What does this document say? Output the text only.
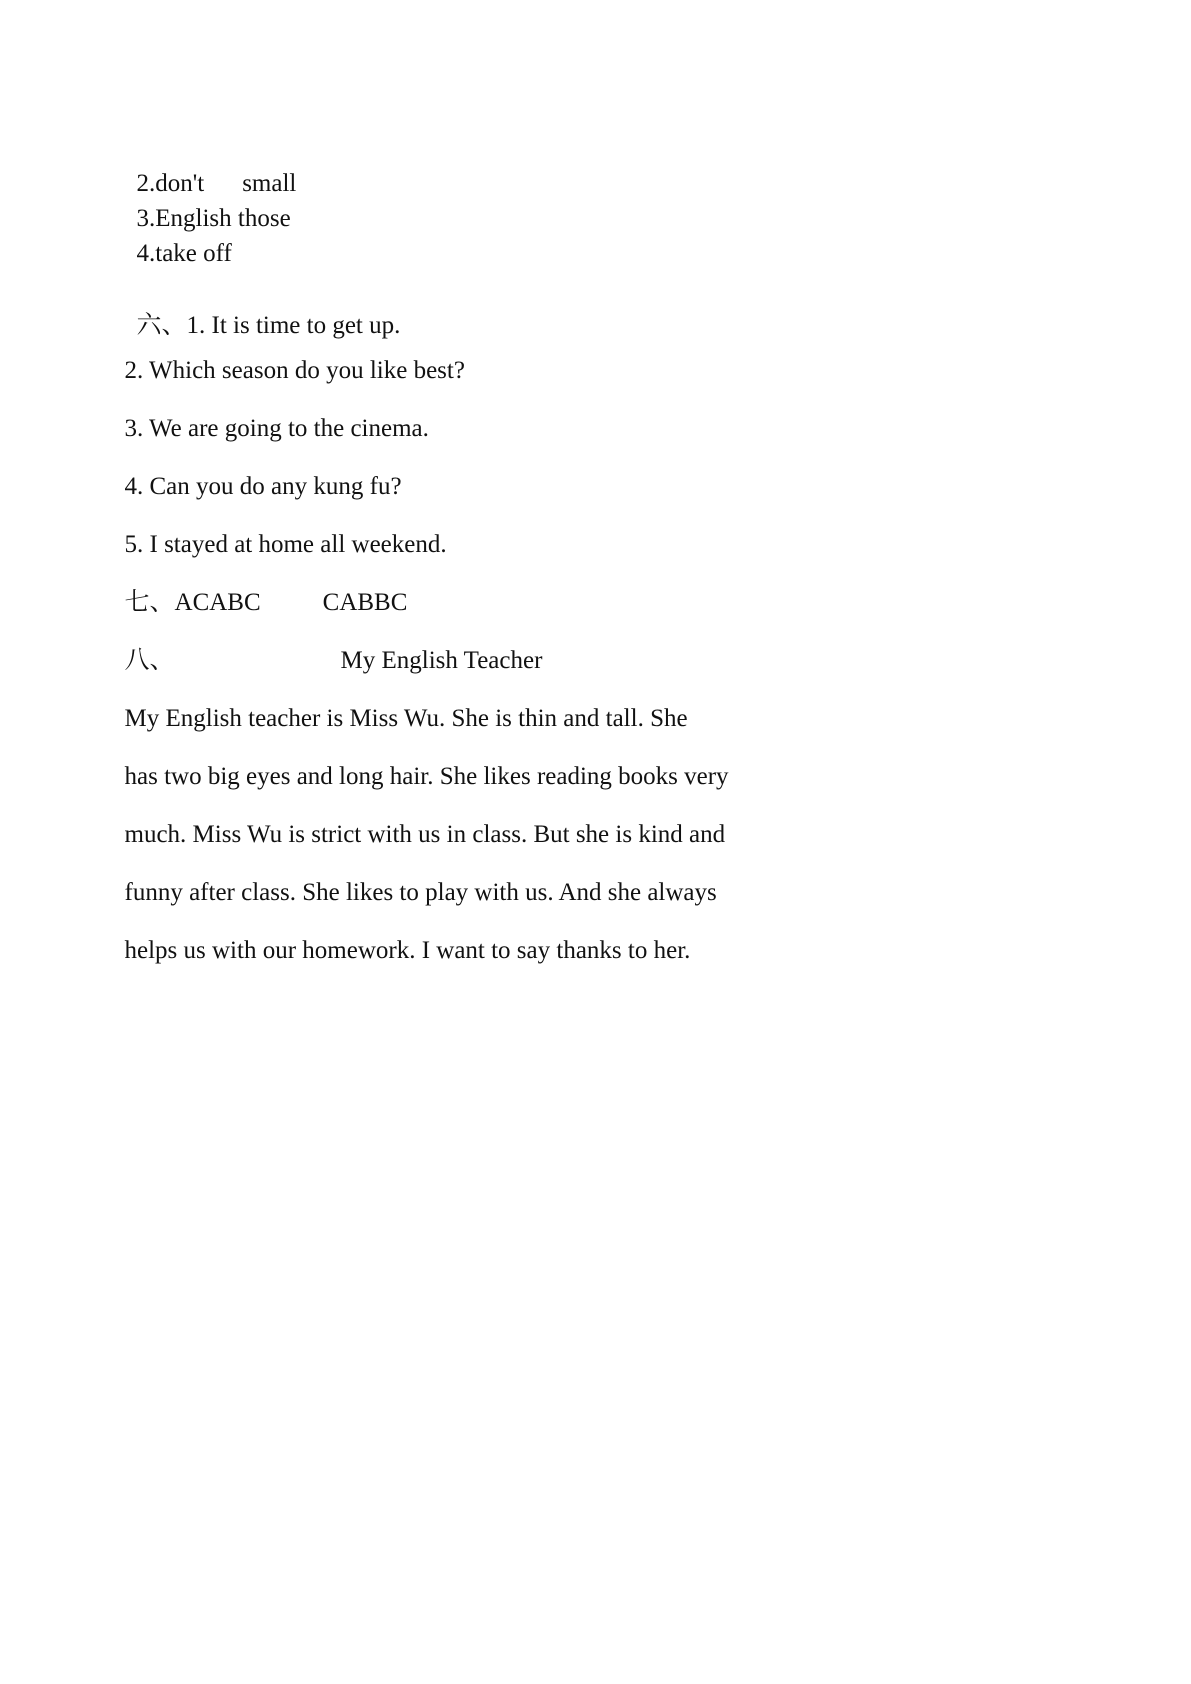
2.don't small

3.English those

4.take off

六、1. It is time to get up.

2. Which season do you like best?

3. We are going to the cinema.

4. Can you do any kung fu?

5. I stayed at home all weekend.

七、ACABC CABBC

八、	My English Teacher

My English teacher is Miss Wu. She is thin and tall. She

has two big eyes and long hair. She likes reading books very

much. Miss Wu is strict with us in class. But she is kind and

funny after class. She likes to play with us. And she always

helps us with our homework. I want to say thanks to her.
